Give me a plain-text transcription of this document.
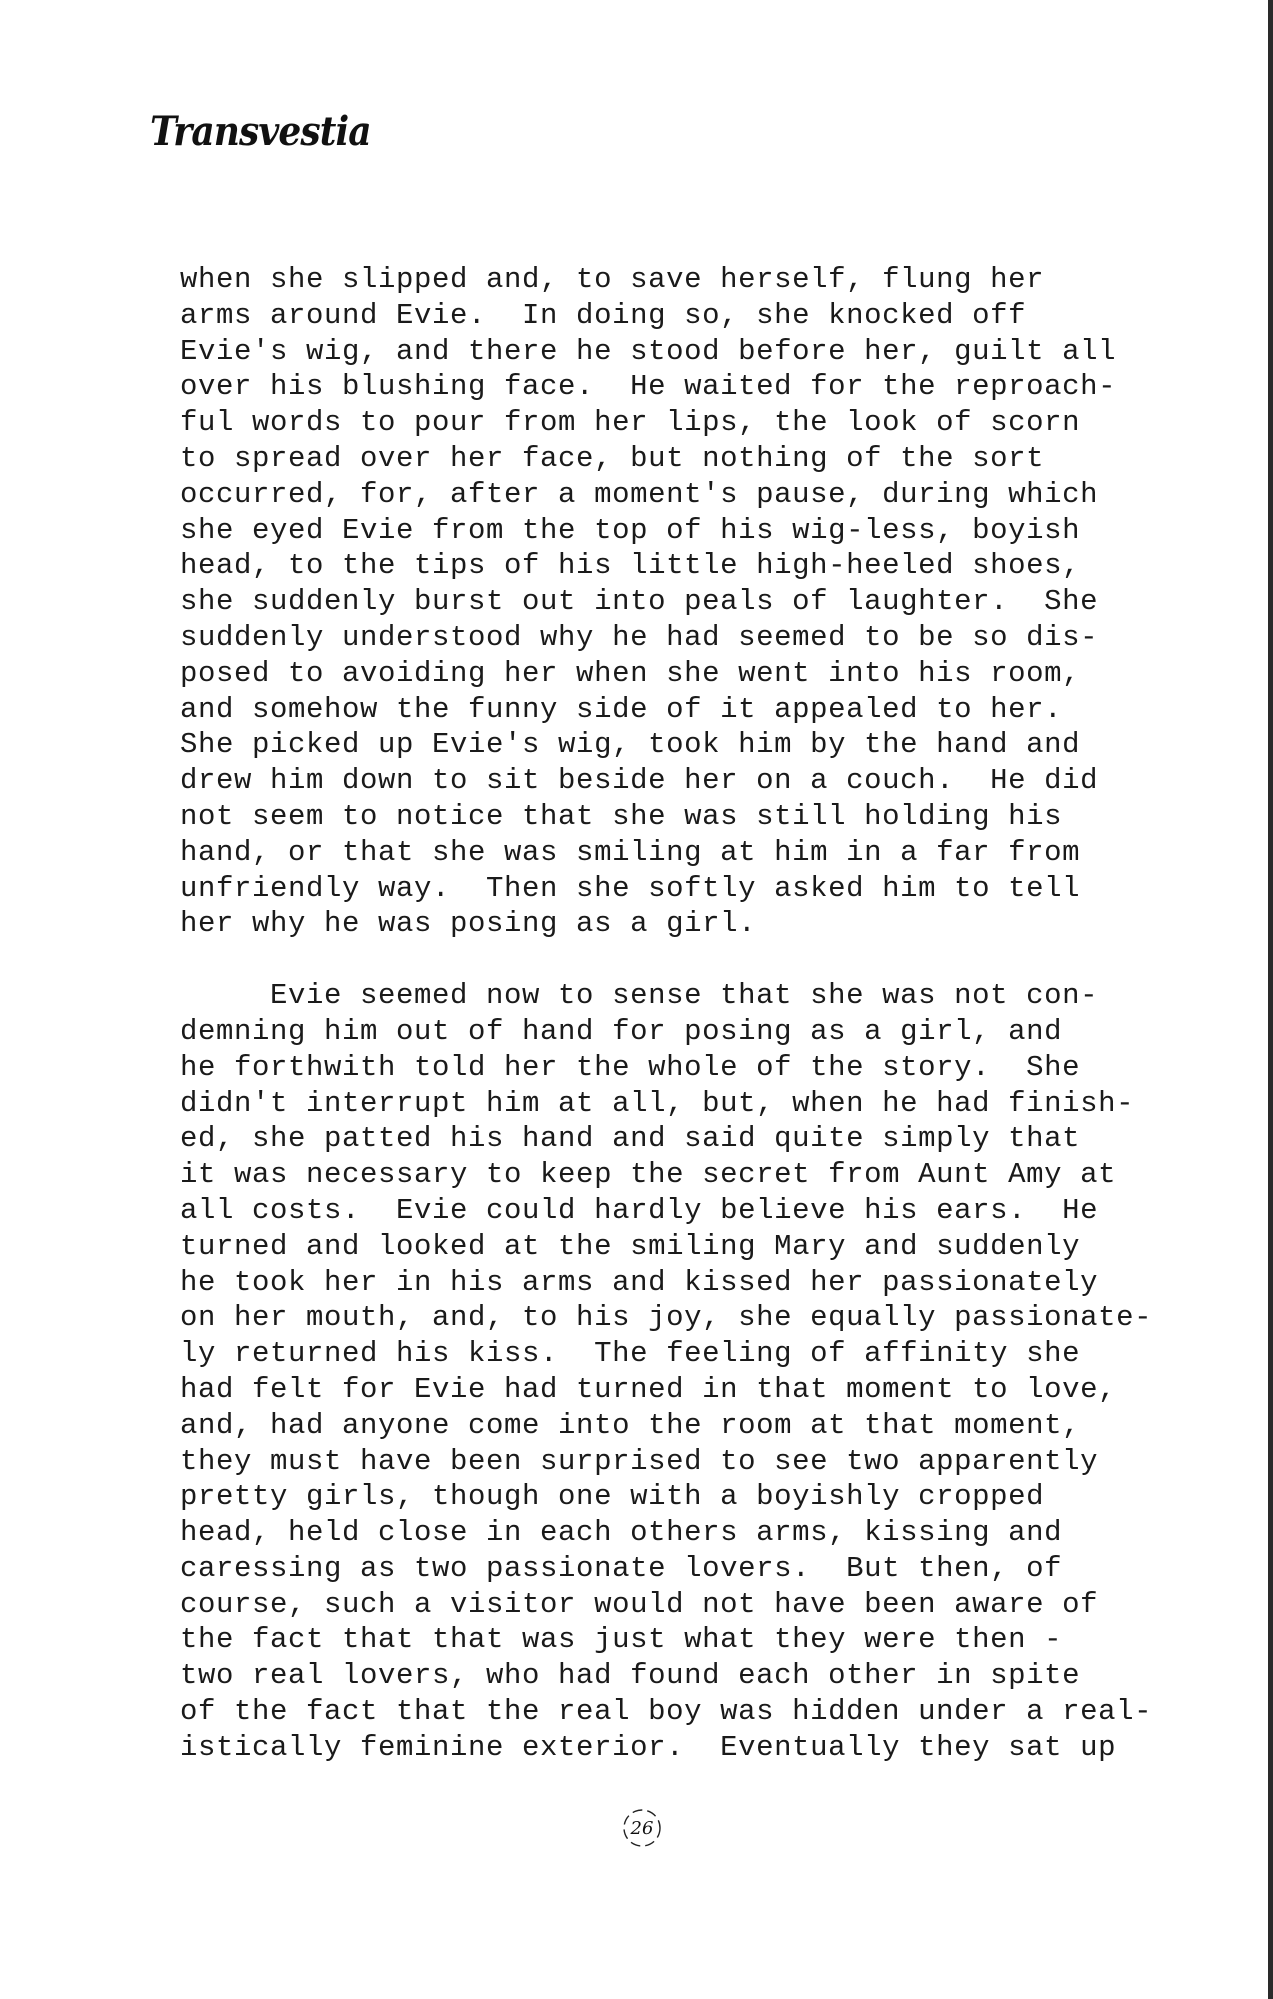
Transvestia

when she slipped and, to save herself, flung her
arms around Evie.  In doing so, she knocked off
Evie's wig, and there he stood before her, guilt all
over his blushing face.  He waited for the reproach-
ful words to pour from her lips, the look of scorn
to spread over her face, but nothing of the sort
occurred, for, after a moment's pause, during which
she eyed Evie from the top of his wig-less, boyish
head, to the tips of his little high-heeled shoes,
she suddenly burst out into peals of laughter.  She
suddenly understood why he had seemed to be so dis-
posed to avoiding her when she went into his room,
and somehow the funny side of it appealed to her.
She picked up Evie's wig, took him by the hand and
drew him down to sit beside her on a couch.  He did
not seem to notice that she was still holding his
hand, or that she was smiling at him in a far from
unfriendly way.  Then she softly asked him to tell
her why he was posing as a girl.

Evie seemed now to sense that she was not con-
demning him out of hand for posing as a girl, and
he forthwith told her the whole of the story.  She
didn't interrupt him at all, but, when he had finish-
ed, she patted his hand and said quite simply that
it was necessary to keep the secret from Aunt Amy at
all costs.  Evie could hardly believe his ears.  He
turned and looked at the smiling Mary and suddenly
he took her in his arms and kissed her passionately
on her mouth, and, to his joy, she equally passionate-
ly returned his kiss.  The feeling of affinity she
had felt for Evie had turned in that moment to love,
and, had anyone come into the room at that moment,
they must have been surprised to see two apparently
pretty girls, though one with a boyishly cropped
head, held close in each others arms, kissing and
caressing as two passionate lovers.  But then, of
course, such a visitor would not have been aware of
the fact that that was just what they were then -
two real lovers, who had found each other in spite
of the fact that the real boy was hidden under a real-
istically feminine exterior.  Eventually they sat up

26
